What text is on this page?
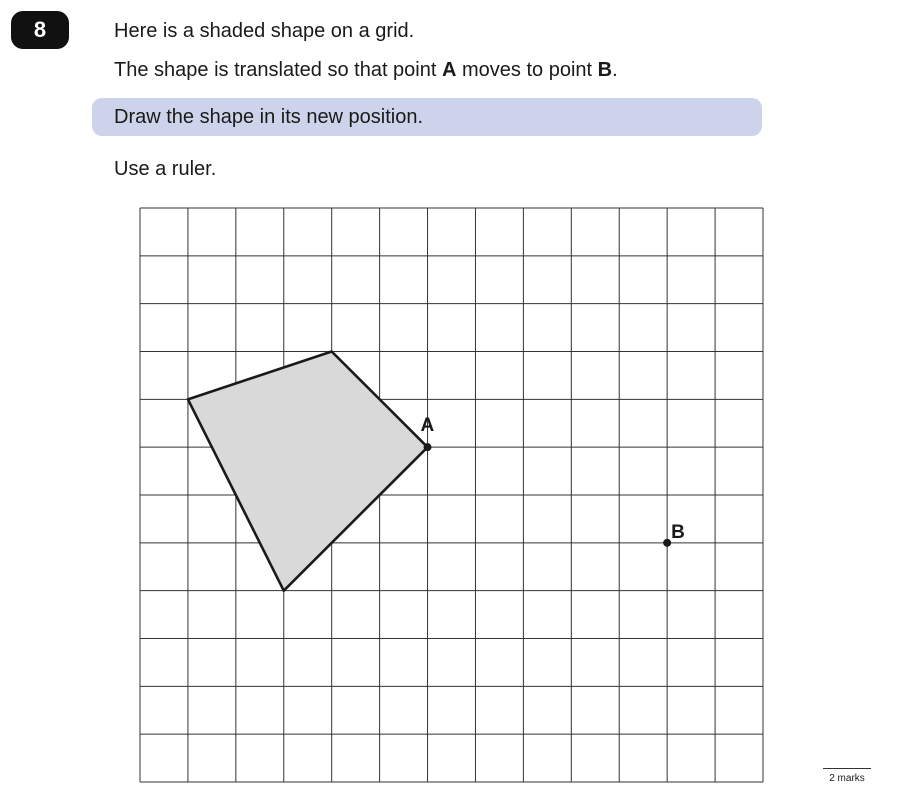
8	Here is a shaded shape on a grid.
The shape is translated so that point A moves to point B.
Draw the shape in its new position.
Use a ruler.
A
B
2 marks
